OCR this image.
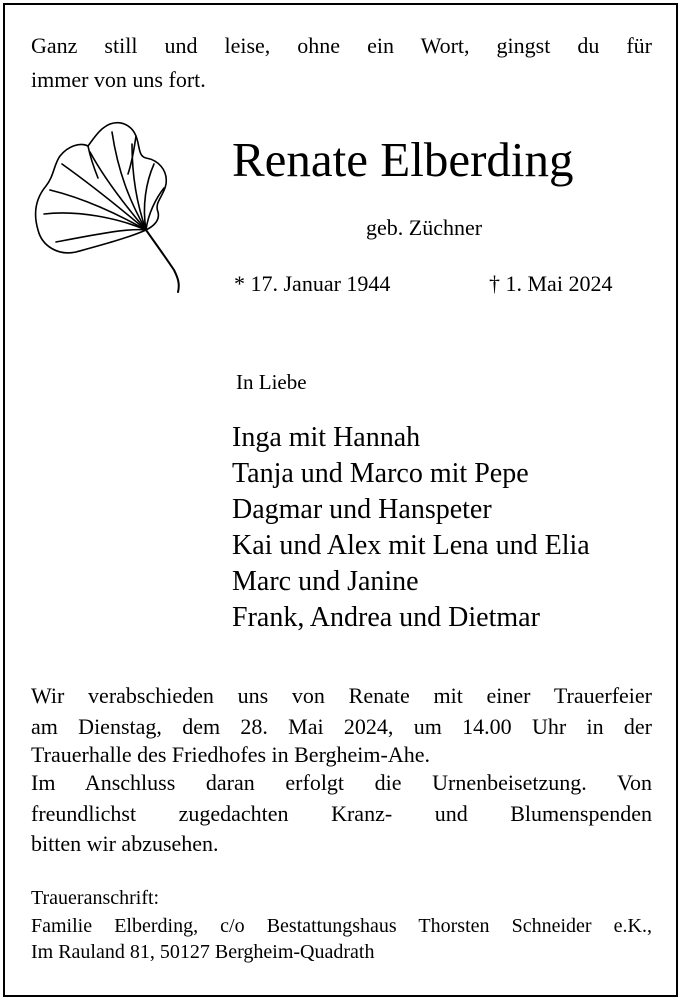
Ganz still und leise, ohne ein Wort, gingst du für
immer von uns fort.
Renate Elberding
geb. Züchner
* 17. Januar 1944	† 1. Mai 2024
In Liebe
Inga mit Hannah
Tanja und Marco mit Pepe
Dagmar und Hanspeter
Kai und Alex mit Lena und Elia
Marc und Janine
Frank, Andrea und Dietmar
Wir verabschieden uns von Renate mit einer Trauerfeier
am Dienstag, dem 28. Mai 2024, um 14.00 Uhr in der
Trauerhalle des Friedhofes in Bergheim-Ahe.
Im Anschluss daran erfolgt die Urnenbeisetzung. Von
freundlichst zugedachten Kranz- und Blumenspenden
bitten wir abzusehen.
Traueranschrift:
Familie Elberding, c/o Bestattungshaus Thorsten Schneider e.K.,
Im Rauland 81, 50127 Bergheim-Quadrath
